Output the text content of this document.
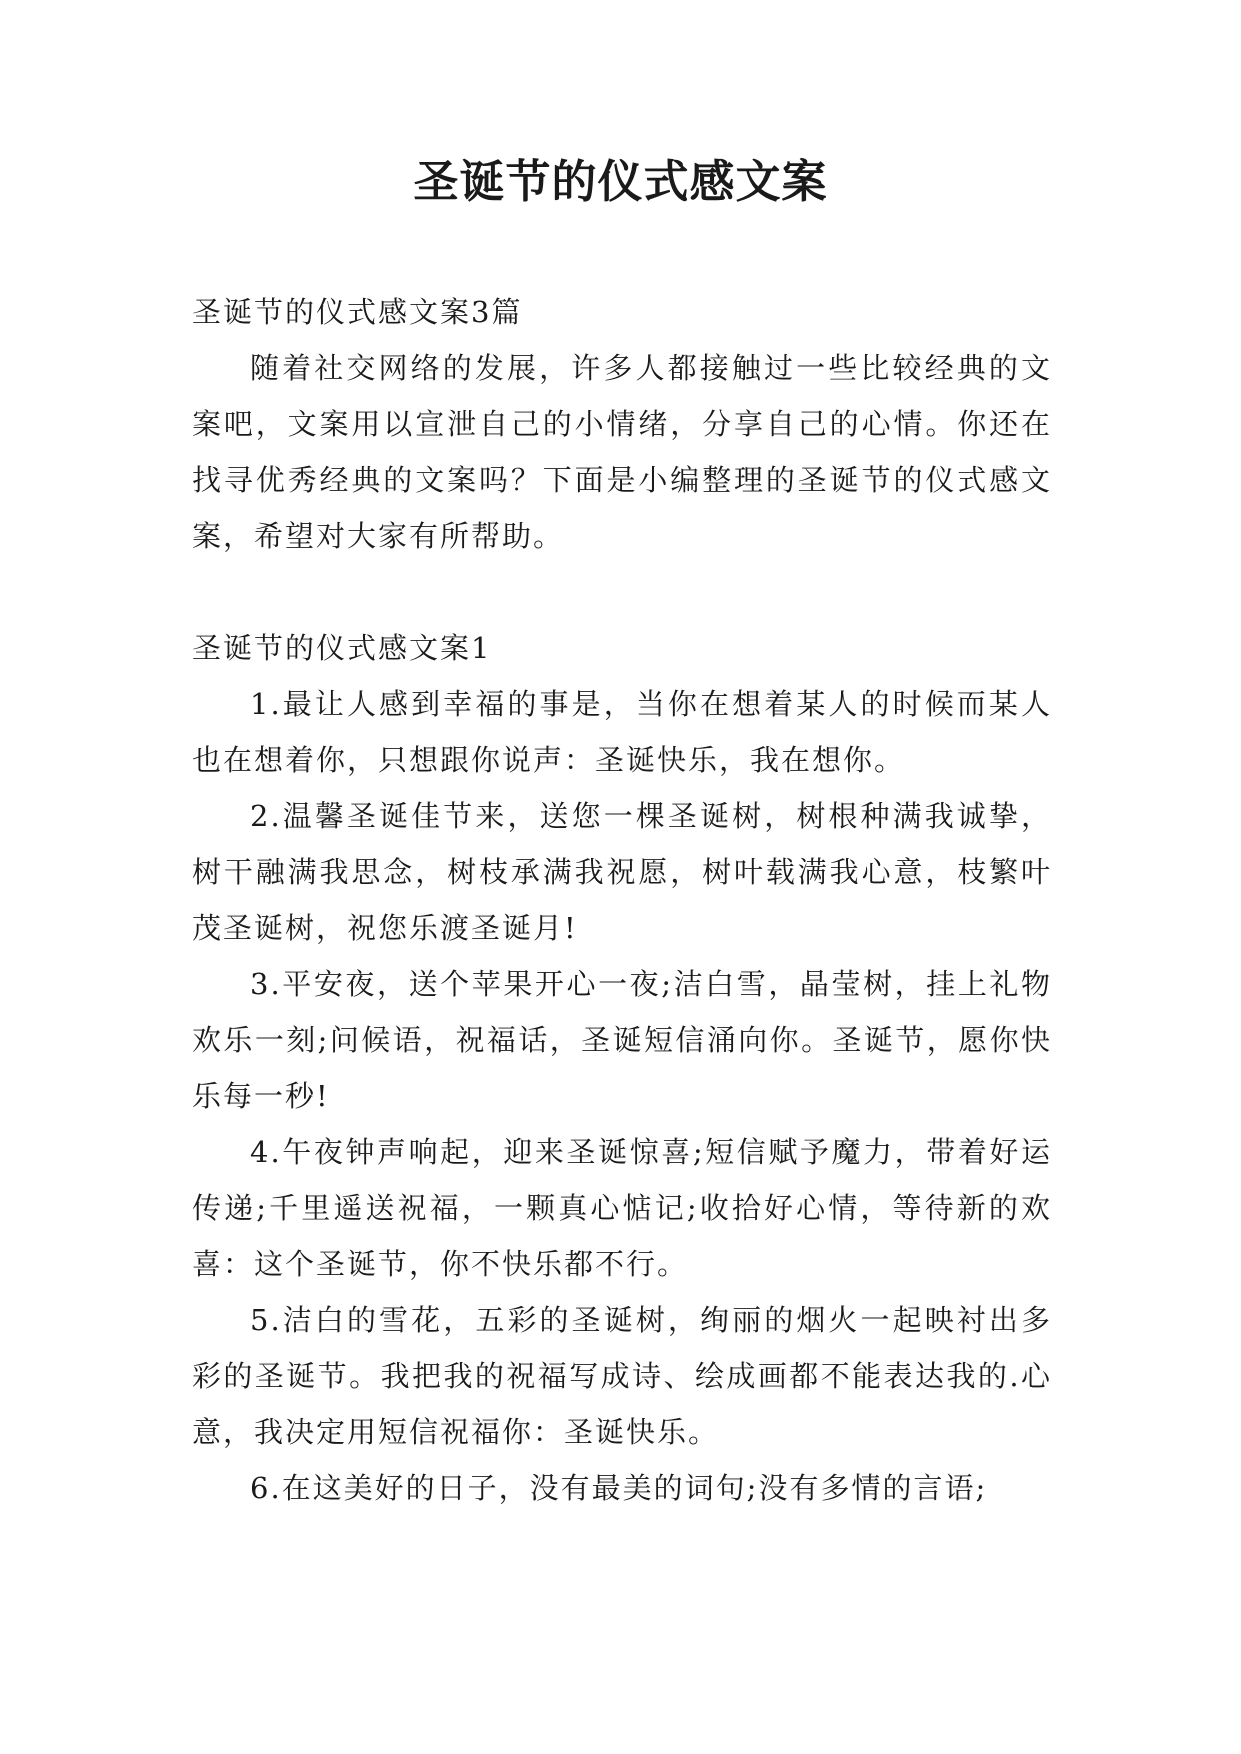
圣诞节的仪式感文案

圣诞节的仪式感文案3篇

随着社交网络的发展，许多人都接触过一些比较经典的文案吧，文案用以宣泄自己的小情绪，分享自己的心情。你还在找寻优秀经典的文案吗？下面是小编整理的圣诞节的仪式感文案，希望对大家有所帮助。

圣诞节的仪式感文案1

1.最让人感到幸福的事是，当你在想着某人的时候而某人也在想着你，只想跟你说声：圣诞快乐，我在想你。

2.温馨圣诞佳节来，送您一棵圣诞树，树根种满我诚挚，树干融满我思念，树枝承满我祝愿，树叶载满我心意，枝繁叶茂圣诞树，祝您乐渡圣诞月!

3.平安夜，送个苹果开心一夜;洁白雪，晶莹树，挂上礼物欢乐一刻;问候语，祝福话，圣诞短信涌向你。圣诞节，愿你快乐每一秒!

4.午夜钟声响起，迎来圣诞惊喜;短信赋予魔力，带着好运传递;千里遥送祝福，一颗真心惦记;收拾好心情，等待新的欢喜：这个圣诞节，你不快乐都不行。

5.洁白的雪花，五彩的圣诞树，绚丽的烟火一起映衬出多彩的圣诞节。我把我的祝福写成诗、绘成画都不能表达我的.心意，我决定用短信祝福你：圣诞快乐。

6.在这美好的日子，没有最美的词句;没有多情的言语;
